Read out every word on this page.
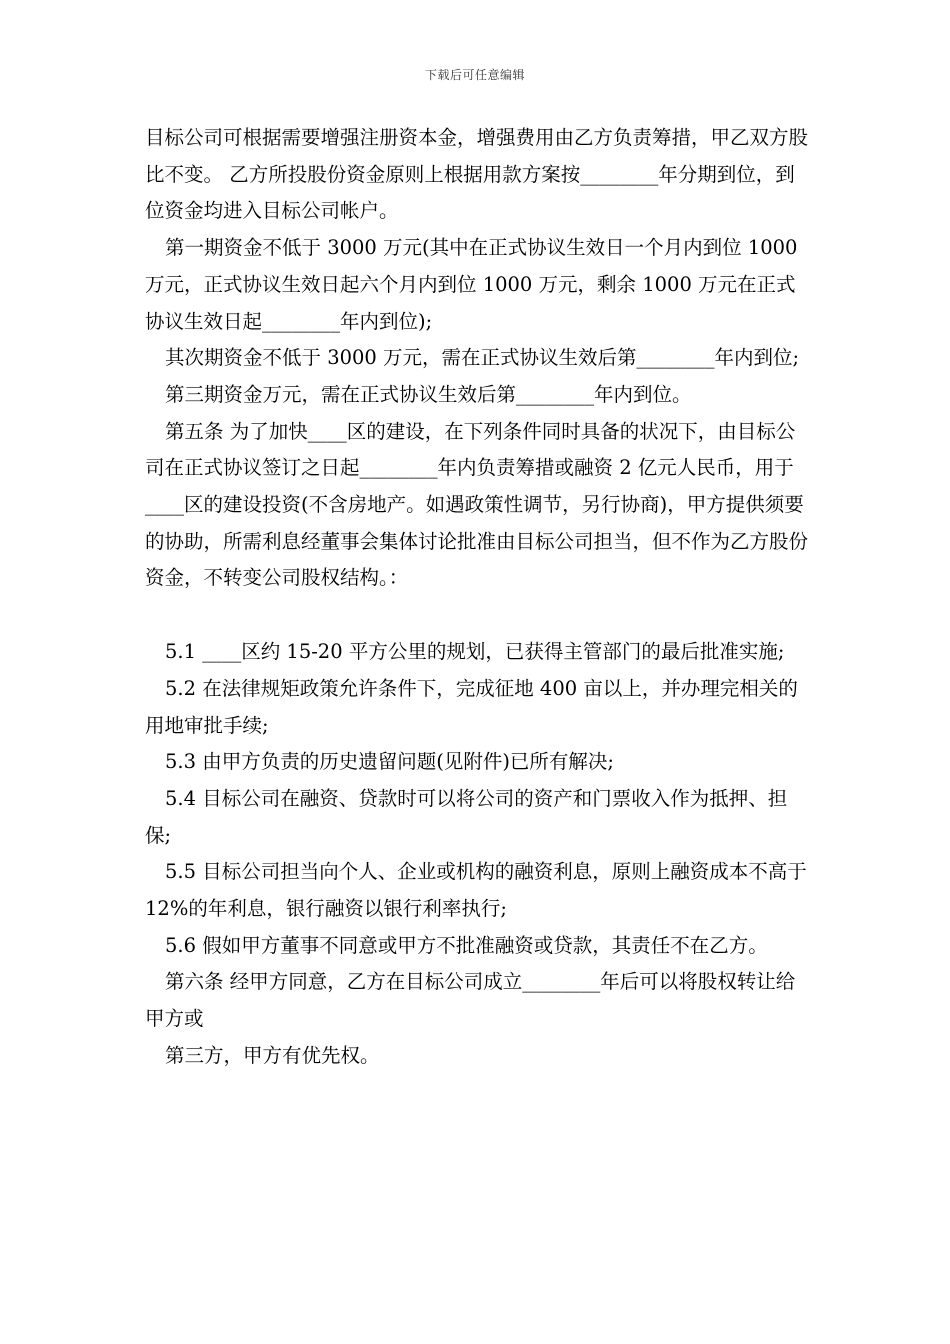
下载后可任意编辑

目标公司可根据需要增强注册资本金，增强费用由乙方负责筹措，甲乙双方股比不变。 乙方所投股份资金原则上根据用款方案按________年分期到位，到位资金均进入目标公司帐户。

第一期资金不低于 3000 万元(其中在正式协议生效日一个月内到位 1000 万元，正式协议生效日起六个月内到位 1000 万元，剩余 1000 万元在正式协议生效日起________年内到位);

其次期资金不低于 3000 万元，需在正式协议生效后第________年内到位;

第三期资金万元，需在正式协议生效后第________年内到位。

第五条 为了加快____区的建设，在下列条件同时具备的状况下，由目标公司在正式协议签订之日起________年内负责筹措或融资 2 亿元人民币，用于____区的建设投资(不含房地产。如遇政策性调节，另行协商)，甲方提供须要的协助，所需利息经董事会集体讨论批准由目标公司担当，但不作为乙方股份资金，不转变公司股权结构。：

5.1 ____区约 15-20 平方公里的规划，已获得主管部门的最后批准实施;

5.2 在法律规矩政策允许条件下，完成征地 400 亩以上，并办理完相关的用地审批手续;

5.3 由甲方负责的历史遗留问题(见附件)已所有解决;

5.4 目标公司在融资、贷款时可以将公司的资产和门票收入作为抵押、担保;

5.5 目标公司担当向个人、企业或机构的融资利息，原则上融资成本不高于 12%的年利息，银行融资以银行利率执行;

5.6 假如甲方董事不同意或甲方不批准融资或贷款，其责任不在乙方。

第六条 经甲方同意，乙方在目标公司成立________年后可以将股权转让给甲方或

第三方，甲方有优先权。
